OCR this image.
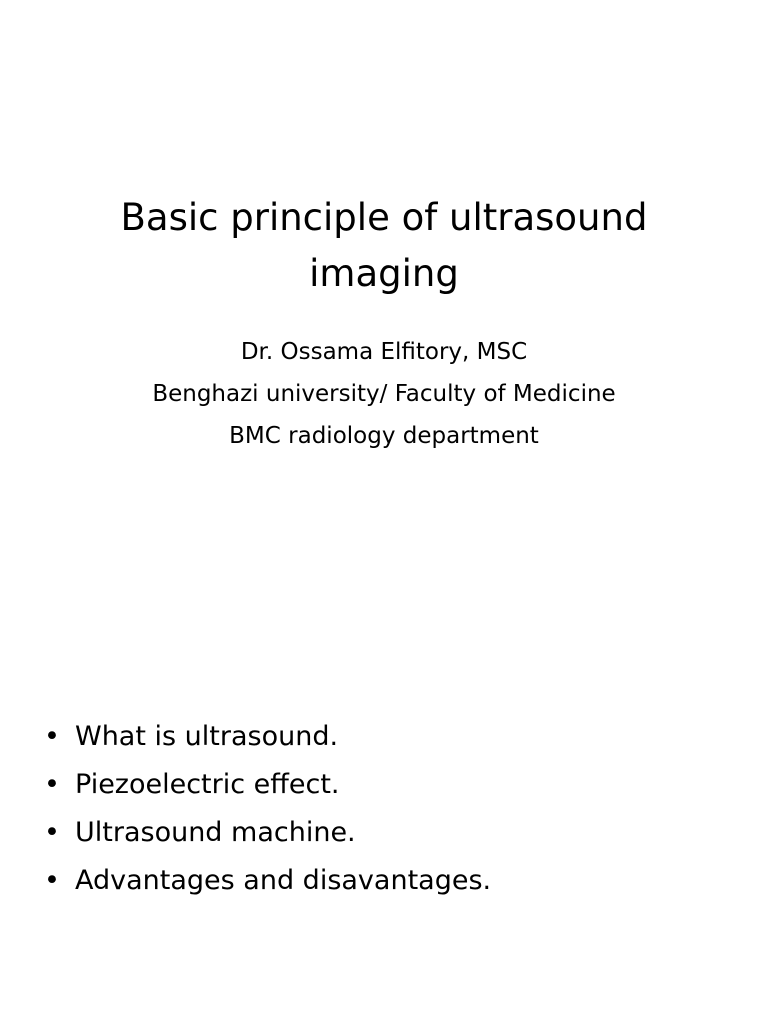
Basic principle of ultrasound imaging
Dr. Ossama Elfitory, MSC
Benghazi university/ Faculty of Medicine
BMC radiology department
• What is ultrasound.
• Piezoelectric effect.
• Ultrasound machine.
• Advantages and disavantages.
